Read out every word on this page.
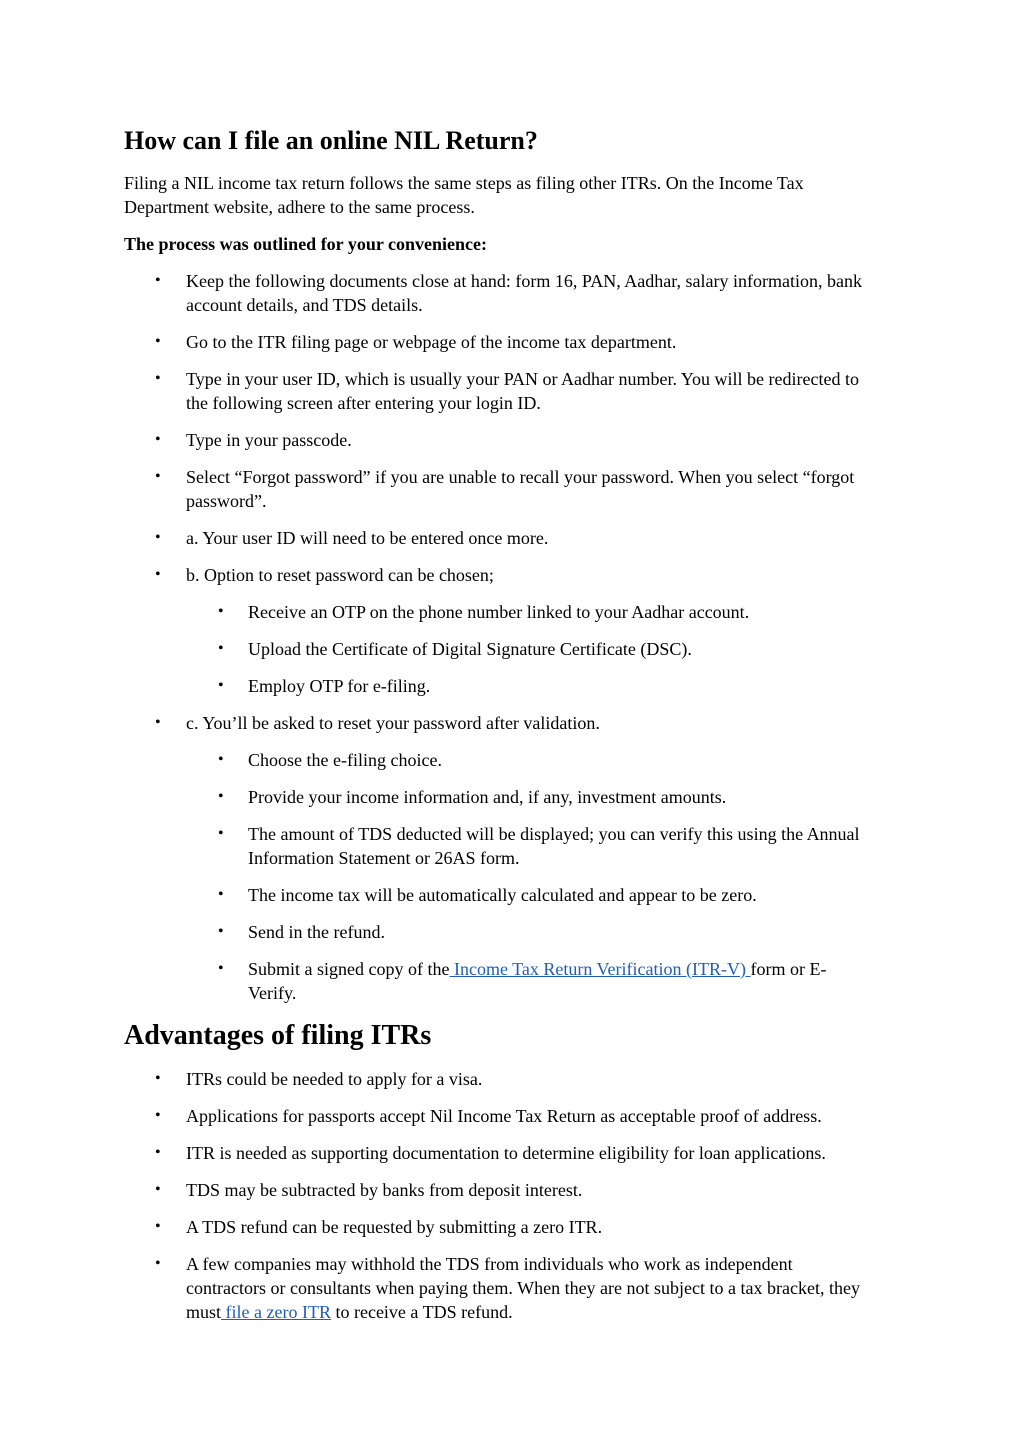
How can I file an online NIL Return?
Filing a NIL income tax return follows the same steps as filing other ITRs. On the Income Tax
Department website, adhere to the same process.
The process was outlined for your convenience:
• Keep the following documents close at hand: form 16, PAN, Aadhar, salary information, bank
account details, and TDS details.
• Go to the ITR filing page or webpage of the income tax department.
• Type in your user ID, which is usually your PAN or Aadhar number. You will be redirected to
the following screen after entering your login ID.
• Type in your passcode.
• Select “Forgot password” if you are unable to recall your password. When you select “forgot
password”.
• a. Your user ID will need to be entered once more.
• b. Option to reset password can be chosen;
• Receive an OTP on the phone number linked to your Aadhar account.
• Upload the Certificate of Digital Signature Certificate (DSC).
• Employ OTP for e-filing.
• c. You’ll be asked to reset your password after validation.
• Choose the e-filing choice.
• Provide your income information and, if any, investment amounts.
• The amount of TDS deducted will be displayed; you can verify this using the Annual
Information Statement or 26AS form.
• The income tax will be automatically calculated and appear to be zero.
• Send in the refund.
• Submit a signed copy of the Income Tax Return Verification (ITR-V) form or E-
Verify.
Advantages of filing ITRs
• ITRs could be needed to apply for a visa.
• Applications for passports accept Nil Income Tax Return as acceptable proof of address.
• ITR is needed as supporting documentation to determine eligibility for loan applications.
• TDS may be subtracted by banks from deposit interest.
• A TDS refund can be requested by submitting a zero ITR.
• A few companies may withhold the TDS from individuals who work as independent
contractors or consultants when paying them. When they are not subject to a tax bracket, they
must file a zero ITR to receive a TDS refund.
